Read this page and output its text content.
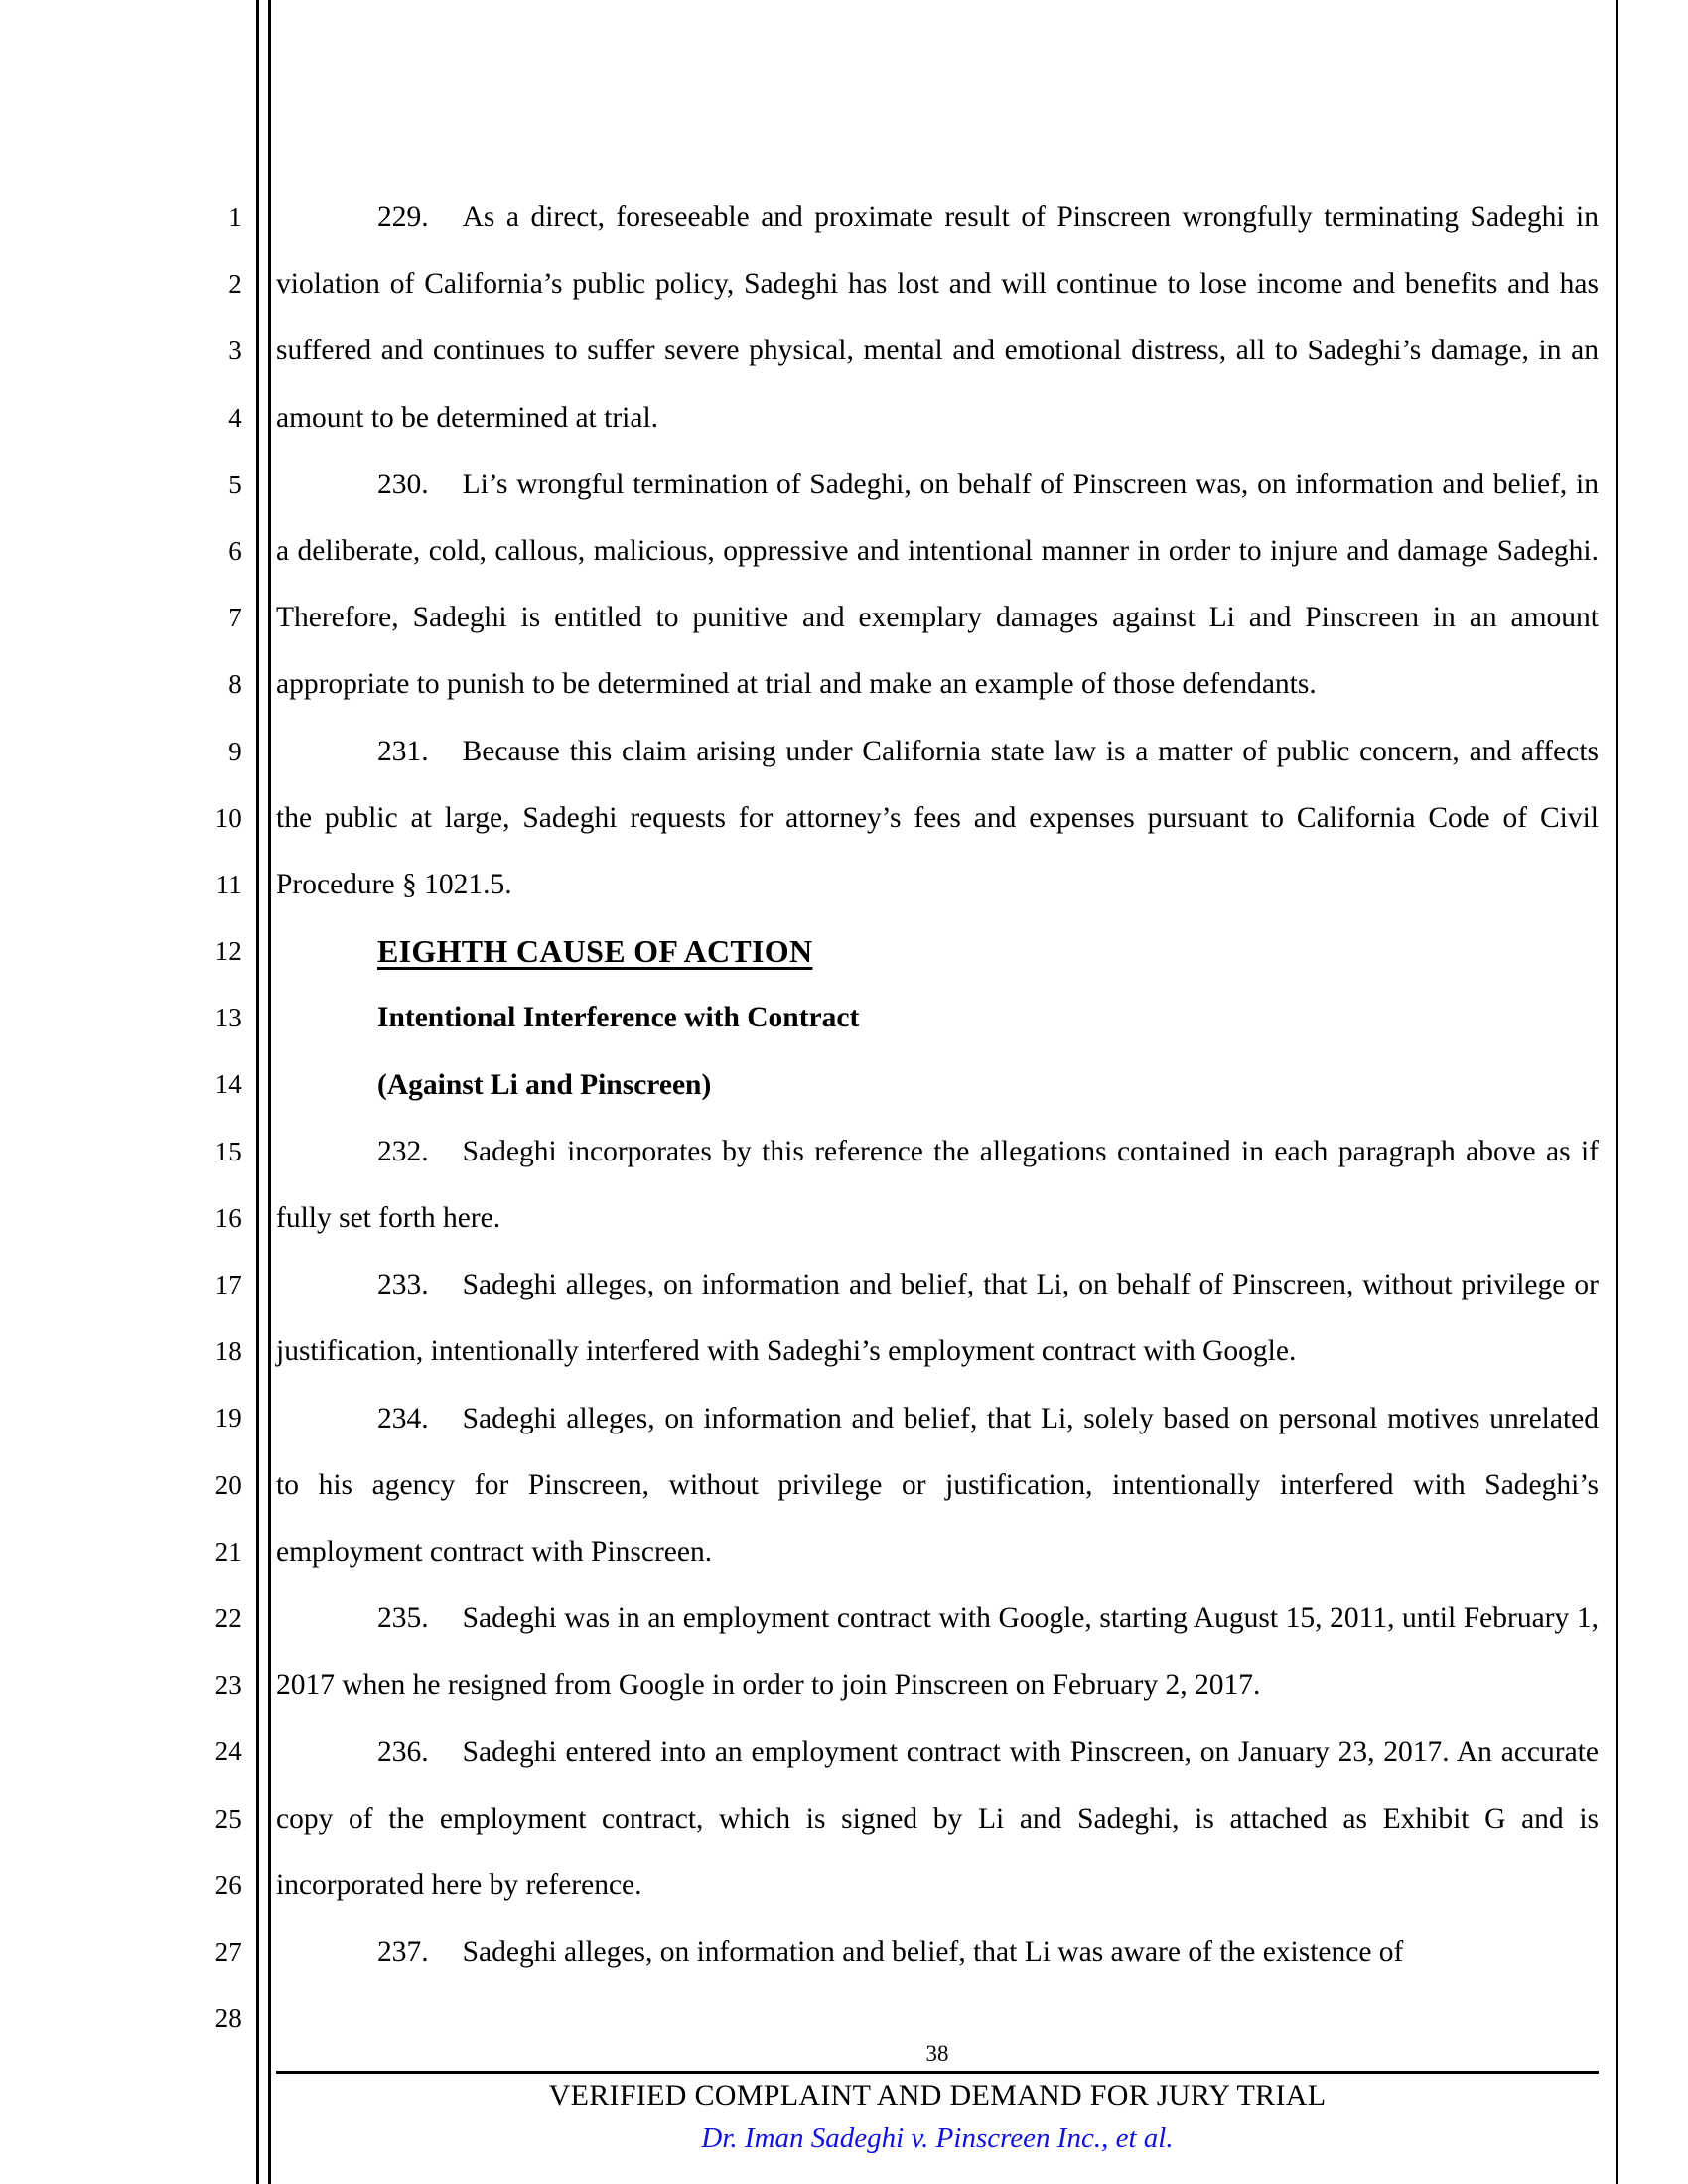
1
2
3
4
5
6
7
8
9
10
11
12
13
14
15
16
17
18
19
20
21
22
23
24
25
26
27
28

229. As a direct, foreseeable and proximate result of Pinscreen wrongfully terminating Sadeghi in violation of California’s public policy, Sadeghi has lost and will continue to lose income and benefits and has suffered and continues to suffer severe physical, mental and emotional distress, all to Sadeghi’s damage, in an amount to be determined at trial.

230. Li’s wrongful termination of Sadeghi, on behalf of Pinscreen was, on information and belief, in a deliberate, cold, callous, malicious, oppressive and intentional manner in order to injure and damage Sadeghi. Therefore, Sadeghi is entitled to punitive and exemplary damages against Li and Pinscreen in an amount appropriate to punish to be determined at trial and make an example of those defendants.

231. Because this claim arising under California state law is a matter of public concern, and affects the public at large, Sadeghi requests for attorney’s fees and expenses pursuant to California Code of Civil Procedure § 1021.5.

EIGHTH CAUSE OF ACTION

Intentional Interference with Contract

(Against Li and Pinscreen)

232. Sadeghi incorporates by this reference the allegations contained in each paragraph above as if fully set forth here.

233. Sadeghi alleges, on information and belief, that Li, on behalf of Pinscreen, without privilege or justification, intentionally interfered with Sadeghi’s employment contract with Google.

234. Sadeghi alleges, on information and belief, that Li, solely based on personal motives unrelated to his agency for Pinscreen, without privilege or justification, intentionally interfered with Sadeghi’s employment contract with Pinscreen.

235. Sadeghi was in an employment contract with Google, starting August 15, 2011, until February 1, 2017 when he resigned from Google in order to join Pinscreen on February 2, 2017.

236. Sadeghi entered into an employment contract with Pinscreen, on January 23, 2017. An accurate copy of the employment contract, which is signed by Li and Sadeghi, is attached as Exhibit G and is incorporated here by reference.

237. Sadeghi alleges, on information and belief, that Li was aware of the existence of

38
VERIFIED COMPLAINT AND DEMAND FOR JURY TRIAL
Dr. Iman Sadeghi v. Pinscreen Inc., et al.
